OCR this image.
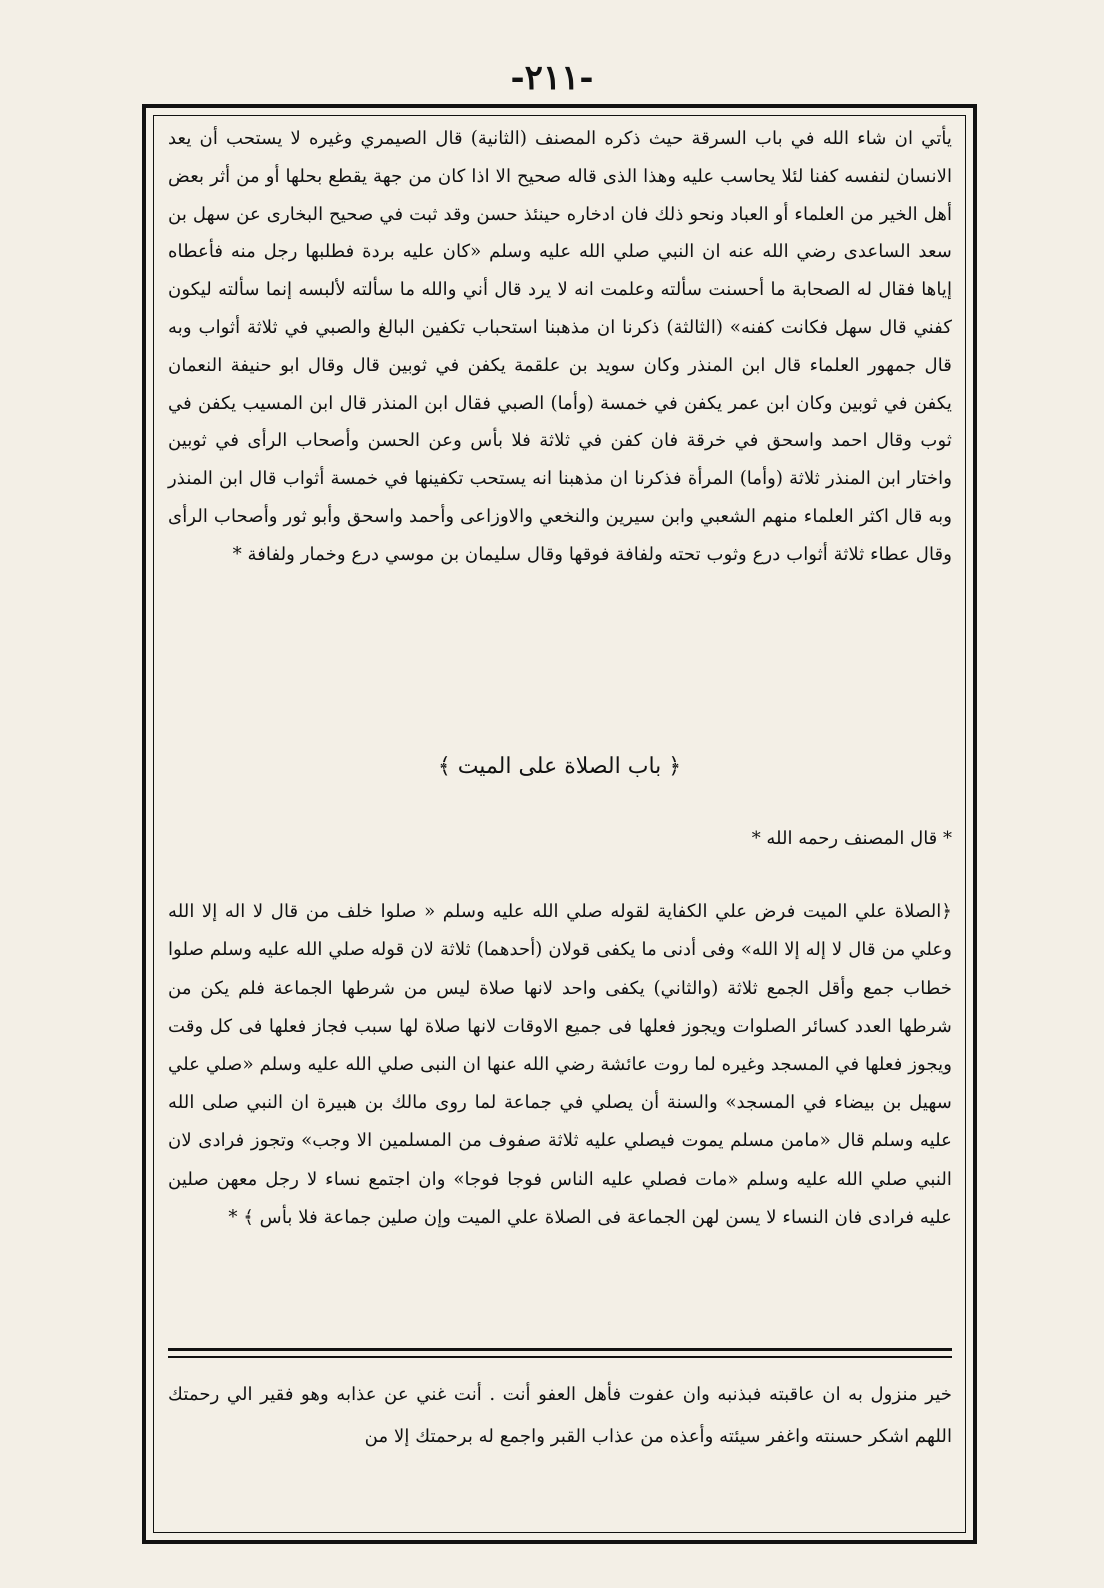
-٢١١-

يأتي ان شاء الله في باب السرقة حيث ذكره المصنف (الثانية) قال الصيمري وغيره لا يستحب أن يعد الانسان لنفسه كفنا لئلا يحاسب عليه وهذا الذى قاله صحيح الا اذا كان من جهة يقطع بحلها أو من أثر بعض أهل الخير من العلماء أو العباد ونحو ذلك فان ادخاره حينئذ حسن وقد ثبت في صحيح البخارى عن سهل بن سعد الساعدى رضي الله عنه ان النبي صلي الله عليه وسلم «كان عليه بردة فطلبها رجل منه فأعطاه إياها فقال له الصحابة ما أحسنت سألته وعلمت انه لا يرد قال أني والله ما سألته لألبسه إنما سألته ليكون كفني قال سهل فكانت كفنه» (الثالثة) ذكرنا ان مذهبنا استحباب تكفين البالغ والصبي في ثلاثة أثواب وبه قال جمهور العلماء قال ابن المنذر وكان سويد بن علقمة يكفن في ثوبين قال وقال ابو حنيفة النعمان يكفن في ثوبين وكان ابن عمر يكفن في خمسة (وأما) الصبي فقال ابن المنذر قال ابن المسيب يكفن في ثوب وقال احمد واسحق في خرقة فان كفن في ثلاثة فلا بأس وعن الحسن وأصحاب الرأى في ثوبين واختار ابن المنذر ثلاثة (وأما) المرأة فذكرنا ان مذهبنا انه يستحب تكفينها في خمسة أثواب قال ابن المنذر وبه قال اكثر العلماء منهم الشعبي وابن سيرين والنخعي والاوزاعى وأحمد واسحق وأبو ثور وأصحاب الرأى وقال عطاء ثلاثة أثواب درع وثوب تحته ولفافة فوقها وقال سليمان بن موسي درع وخمار ولفافة *

﴿ باب الصلاة على الميت ﴾
* قال المصنف رحمه الله *

﴿الصلاة علي الميت فرض علي الكفاية لقوله صلي الله عليه وسلم « صلوا خلف من قال لا اله إلا الله وعلي من قال لا إله إلا الله» وفى أدنى ما يكفى قولان (أحدهما) ثلاثة لان قوله صلي الله عليه وسلم صلوا خطاب جمع وأقل الجمع ثلاثة (والثاني) يكفى واحد لانها صلاة ليس من شرطها الجماعة فلم يكن من شرطها العدد كسائر الصلوات ويجوز فعلها فى جميع الاوقات لانها صلاة لها سبب فجاز فعلها فى كل وقت ويجوز فعلها في المسجد وغيره لما روت عائشة رضي الله عنها ان النبى صلي الله عليه وسلم «صلي علي سهيل بن بيضاء في المسجد» والسنة أن يصلي في جماعة لما روى مالك بن هبيرة ان النبي صلى الله عليه وسلم قال «مامن مسلم يموت فيصلي عليه ثلاثة صفوف من المسلمين الا وجب» وتجوز فرادى لان النبي صلي الله عليه وسلم «مات فصلي عليه الناس فوجا فوجا» وان اجتمع نساء لا رجل معهن صلين عليه فرادى فان النساء لا يسن لهن الجماعة فى الصلاة علي الميت وإن صلين جماعة فلا بأس ﴾ *

خير منزول به ان عاقبته فبذنبه وان عفوت فأهل العفو أنت . أنت غني عن عذابه وهو فقير الي رحمتك اللهم اشكر حسنته واغفر سيئته وأعذه من عذاب القبر واجمع له برحمتك إلا من
